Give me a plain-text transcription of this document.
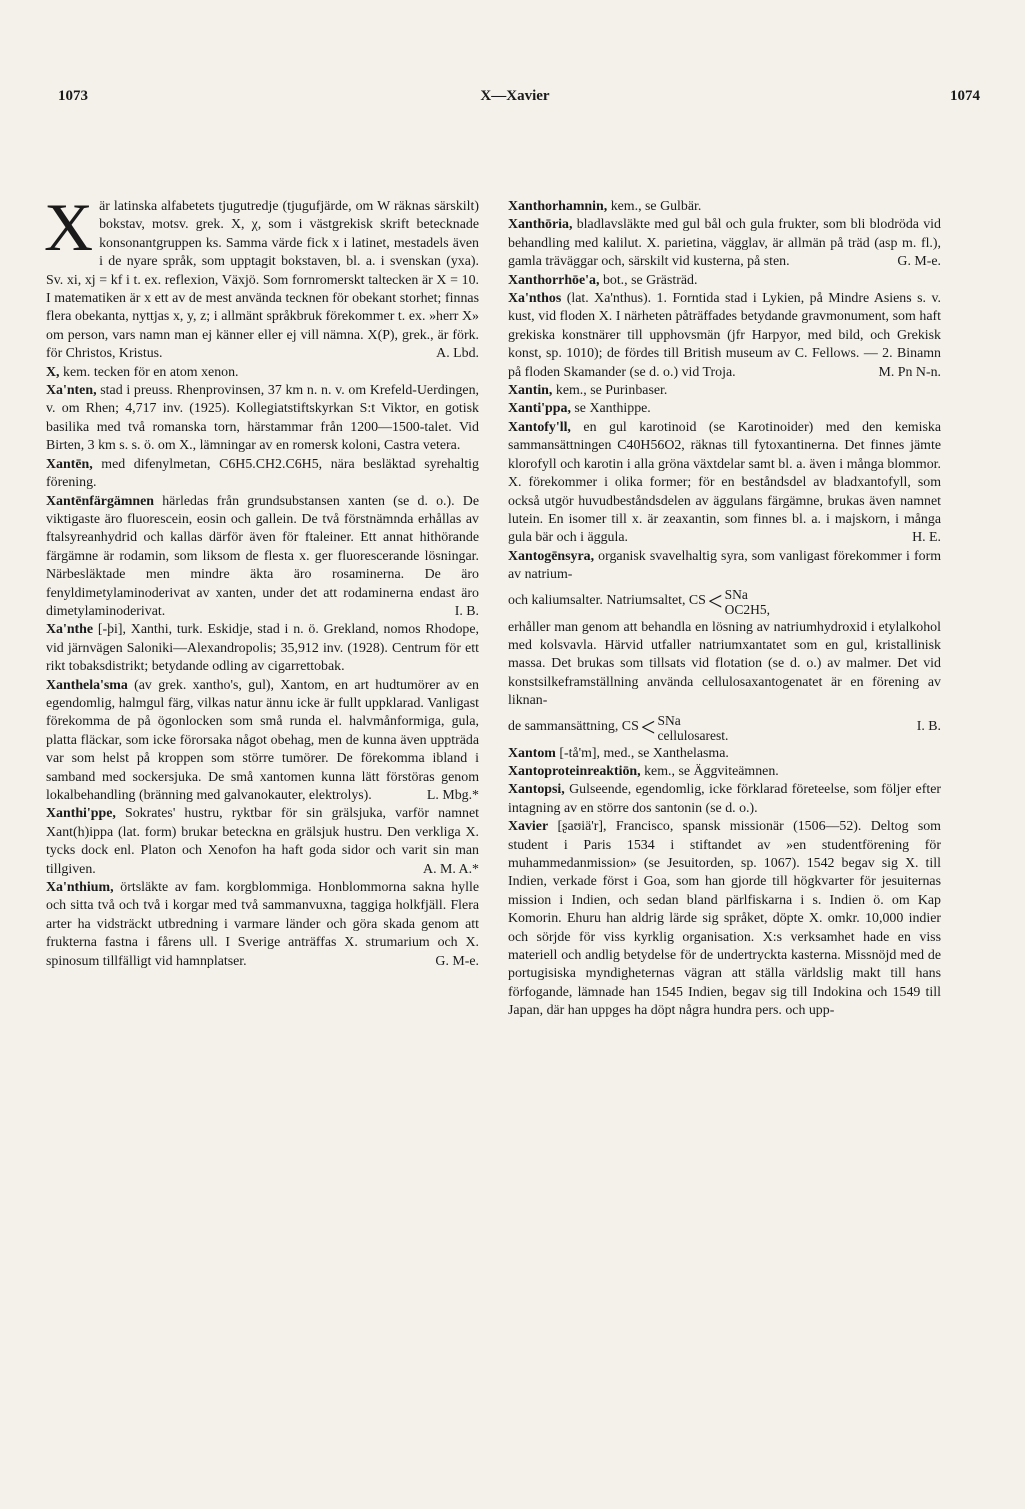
1073	X—Xavier	1074

Xär latinska alfabetets tjugutredje (tjugufjärde, om W räknas särskilt) bokstav, motsv. grek. X, χ, som i västgrekisk skrift betecknade konsonantgruppen ks. Samma värde fick x i latinet, mestadels även i de nyare språk, som upptagit bokstaven, bl. a. i svenskan (yxa). Sv. xi, xj = kf i t. ex. reflexion, Växjö. Som fornromerskt taltecken är X = 10. I matematiken är x ett av de mest använda tecknen för obekant storhet; finnas flera obekanta, nyttjas x, y, z; i allmänt språkbruk förekommer t. ex. »herr X» om person, vars namn man ej känner eller ej vill nämna. X(P), grek., är förk. för Christos, Kristus.	A. Lbd.

X, kem. tecken för en atom xenon.

Xa'nten, stad i preuss. Rhenprovinsen, 37 km n. n. v. om Krefeld-Uerdingen, v. om Rhen; 4,717 inv. (1925). Kollegiatstiftskyrkan S:t Viktor, en gotisk basilika med två romanska torn, härstammar från 1200—1500-talet. Vid Birten, 3 km s. s. ö. om X., lämningar av en romersk koloni, Castra vetera.

Xantēn, med difenylmetan, C6H5.CH2.C6H5, nära besläktad syrehaltig förening.

Xantēnfärgämnen härledas från grundsubstansen xanten (se d. o.). De viktigaste äro fluorescein, eosin och gallein. De två förstnämnda erhållas av ftalsyreanhydrid och kallas därför även för ftaleiner. Ett annat hithörande färgämne är rodamin, som liksom de flesta x. ger fluorescerande lösningar. Närbesläktade men mindre äkta äro rosaminerna. De äro fenyldimetylaminoderivat av xanten, under det att rodaminerna endast äro dimetylaminoderivat.	I. B.

Xa'nthe [-þi], Xanthi, turk. Eskidje, stad i n. ö. Grekland, nomos Rhodope, vid järnvägen Saloniki—Alexandropolis; 35,912 inv. (1928). Centrum för ett rikt tobaksdistrikt; betydande odling av cigarrettobak.

Xanthela'sma (av grek. xantho's, gul), Xantom, en art hudtumörer av en egendomlig, halmgul färg, vilkas natur ännu icke är fullt uppklarad. Vanligast förekomma de på ögonlocken som små runda el. halvmånformiga, gula, platta fläckar, som icke förorsaka något obehag, men de kunna även uppträda var som helst på kroppen som större tumörer. De förekomma ibland i samband med sockersjuka. De små xantomen kunna lätt förstöras genom lokalbehandling (bränning med galvanokauter, elektrolys).	L. Mbg.*

Xanthi'ppe, Sokrates' hustru, ryktbar för sin grälsjuka, varför namnet Xant(h)ippa (lat. form) brukar beteckna en grälsjuk hustru. Den verkliga X. tycks dock enl. Platon och Xenofon ha haft goda sidor och varit sin man tillgiven.	A. M. A.*

Xa'nthium, örtsläkte av fam. korgblommiga. Honblommorna sakna hylle och sitta två och två i korgar med två sammanvuxna, taggiga holkfjäll. Flera arter ha vidsträckt utbredning i varmare länder och göra skada genom att frukterna fastna i fårens ull. I Sverige anträffas X. strumarium och X. spinosum tillfälligt vid hamnplatser.	G. M-e.

Xanthorhamnin, kem., se Gulbär.

Xanthōria, bladlavsläkte med gul bål och gula frukter, som bli blodröda vid behandling med kalilut. X. parietina, vägglav, är allmän på träd (asp m. fl.), gamla träväggar och, särskilt vid kusterna, på sten.	G. M-e.

Xanthorrhōe'a, bot., se Grästräd.

Xa'nthos (lat. Xa'nthus). 1. Forntida stad i Lykien, på Mindre Asiens s. v. kust, vid floden X. I närheten påträffades betydande gravmonument, som haft grekiska konstnärer till upphovsmän (jfr Harpyor, med bild, och Grekisk konst, sp. 1010); de fördes till British museum av C. Fellows. — 2. Binamn på floden Skamander (se d. o.) vid Troja.	M. Pn N-n.

Xantin, kem., se Purinbaser.

Xanti'ppa, se Xanthippe.

Xantofy'll, en gul karotinoid (se Karotinoider) med den kemiska sammansättningen C40H56O2, räknas till fytoxantinerna. Det finnes jämte klorofyll och karotin i alla gröna växtdelar samt bl. a. även i många blommor. X. förekommer i olika former; för en beståndsdel av bladxantofyll, som också utgör huvudbeståndsdelen av äggulans färgämne, brukas även namnet lutein. En isomer till x. är zeaxantin, som finnes bl. a. i majskorn, i många gula bär och i äggula.	H. E.

Xantogēnsyra, organisk svavelhaltig syra, som vanligast förekommer i form av natrium-

och kaliumsalter. Natriumsaltet, CS < SNa
OC2H5,

erhåller man genom att behandla en lösning av natriumhydroxid i etylalkohol med kolsvavla. Härvid utfaller natriumxantatet som en gul, kristallinisk massa. Det brukas som tillsats vid flotation (se d. o.) av malmer. Det vid konstsilkeframställning använda cellulosaxantogenatet är en förening av liknan-

de sammansättning, CS < SNa
cellulosarest.
I. B.

Xantom [-tå'm], med., se Xanthelasma.

Xantoproteinreaktiōn, kem., se Äggviteämnen.

Xantopsi, Gulseende, egendomlig, icke förklarad företeelse, som följer efter intagning av en större dos santonin (se d. o.).

Xavier [ʂaʊiä'r], Francisco, spansk missionär (1506—52). Deltog som student i Paris 1534 i stiftandet av »en studentförening för muhammedanmission» (se Jesuitorden, sp. 1067). 1542 begav sig X. till Indien, verkade först i Goa, som han gjorde till högkvarter för jesuiternas mission i Indien, och sedan bland pärlfiskarna i s. Indien ö. om Kap Komorin. Ehuru han aldrig lärde sig språket, döpte X. omkr. 10,000 indier och sörjde för viss kyrklig organisation. X:s verksamhet hade en viss materiell och andlig betydelse för de undertryckta kasterna. Missnöjd med de portugisiska myndigheternas vägran att ställa världslig makt till hans förfogande, lämnade han 1545 Indien, begav sig till Indokina och 1549 till Japan, där han uppges ha döpt några hundra pers. och upp-
